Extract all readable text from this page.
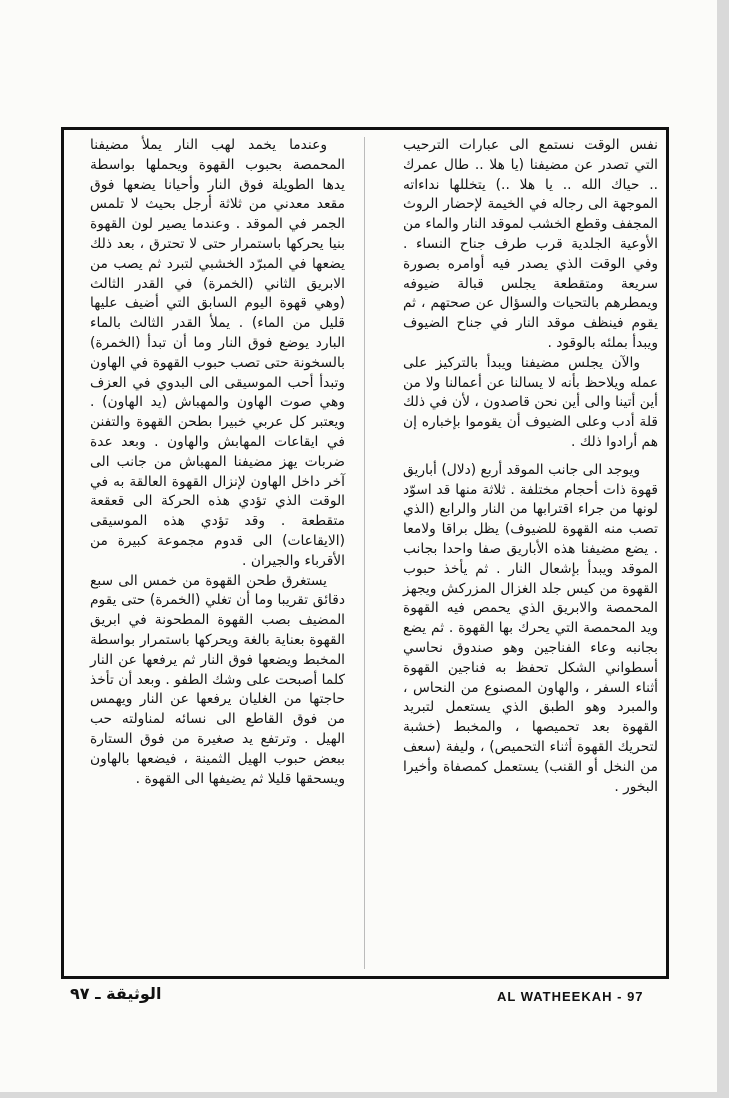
نفس الوقت نستمع الى عبارات الترحيب التي تصدر عن مضيفنا (يا هلا .. طال عمرك .. حياك الله .. يا هلا ..) يتخللها نداءاته الموجهة الى رجاله في الخيمة لإحضار الروث المجفف وقطع الخشب لموقد النار والماء من الأوعية الجلدية قرب طرف جناح النساء . وفي الوقت الذي يصدر فيه أوامره بصورة سريعة ومتقطعة يجلس قبالة ضيوفه ويمطرهم بالتحيات والسؤال عن صحتهم ، ثم يقوم فينظف موقد النار في جناح الضيوف ويبدأ بملئه بالوقود .

والآن يجلس مضيفنا ويبدأ بالتركيز على عمله ويلاحظ بأنه لا يسالنا عن أعمالنا ولا من أين أتينا والى أين نحن قاصدون ، لأن في ذلك قلة أدب وعلى الضيوف أن يقوموا بإخباره إن هم أرادوا ذلك .

ويوجد الى جانب الموقد أربع (دلال) أباريق قهوة ذات أحجام مختلفة . ثلاثة منها قد اسوّد لونها من جراء اقترابها من النار والرابع (الذي تصب منه القهوة للضيوف) يظل براقا ولامعا . يضع مضيفنا هذه الأباريق صفا واحدا بجانب الموقد ويبدأ بإشعال النار . ثم يأخذ حبوب القهوة من كيس جلد الغزال المزركش ويجهز المحمصة والابريق الذي يحمص فيه القهوة ويد المحمصة التي يحرك بها القهوة . ثم يضع بجانبه وعاء الفناجين وهو صندوق نحاسي أسطواني الشكل تحفظ به فناجين القهوة أثناء السفر ، والهاون المصنوع من النحاس ، والمبرد وهو الطبق الذي يستعمل لتبريد القهوة بعد تحميصها ، والمخبط (خشبة لتحريك القهوة أثناء التحميص) ، وليفة (سعف من النخل أو القنب) يستعمل كمصفاة وأخيرا البخور .

وعندما يخمد لهب النار يملأ مضيفنا المحمصة بحبوب القهوة ويحملها بواسطة يدها الطويلة فوق النار وأحيانا يضعها فوق مقعد معدني من ثلاثة أرجل بحيث لا تلمس الجمر في الموقد . وعندما يصير لون القهوة بنيا يحركها باستمرار حتى لا تحترق ، بعد ذلك يضعها في المبرّد الخشبي لتبرد ثم يصب من الابريق الثاني (الخمرة) في القدر الثالث (وهي قهوة اليوم السابق التي أضيف عليها قليل من الماء) . يملأ القدر الثالث بالماء البارد يوضع فوق النار وما أن تبدأ (الخمرة) بالسخونة حتى تصب حبوب القهوة في الهاون وتبدأ أحب الموسيقى الى البدوي في العزف وهي صوت الهاون والمهباش (يد الهاون) . ويعتبر كل عربي خبيرا بطحن القهوة والتفنن في ايقاعات المهابش والهاون . وبعد عدة ضربات يهز مضيفنا المهباش من جانب الى آخر داخل الهاون لإنزال القهوة العالقة به في الوقت الذي تؤدي هذه الحركة الى قعقعة متقطعة . وقد تؤدي هذه الموسيقى (الايقاعات) الى قدوم مجموعة كبيرة من الأقرباء والجيران .

يستغرق طحن القهوة من خمس الى سبع دقائق تقريبا وما أن تغلي (الخمرة) حتى يقوم المضيف بصب القهوة المطحونة في ابريق القهوة بعناية بالغة ويحركها باستمرار بواسطة المخبط ويضعها فوق النار ثم يرفعها عن النار كلما أصبحت على وشك الطفو . وبعد أن تأخذ حاجتها من الغليان يرفعها عن النار ويهمس من فوق القاطع الى نسائه لمناولته حب الهيل . وترتفع يد صغيرة من فوق الستارة ببعض حبوب الهيل الثمينة ، فيضعها بالهاون ويسحقها قليلا ثم يضيفها الى القهوة .

الوثيقة ـ ٩٧	AL WATHEEKAH - 97
